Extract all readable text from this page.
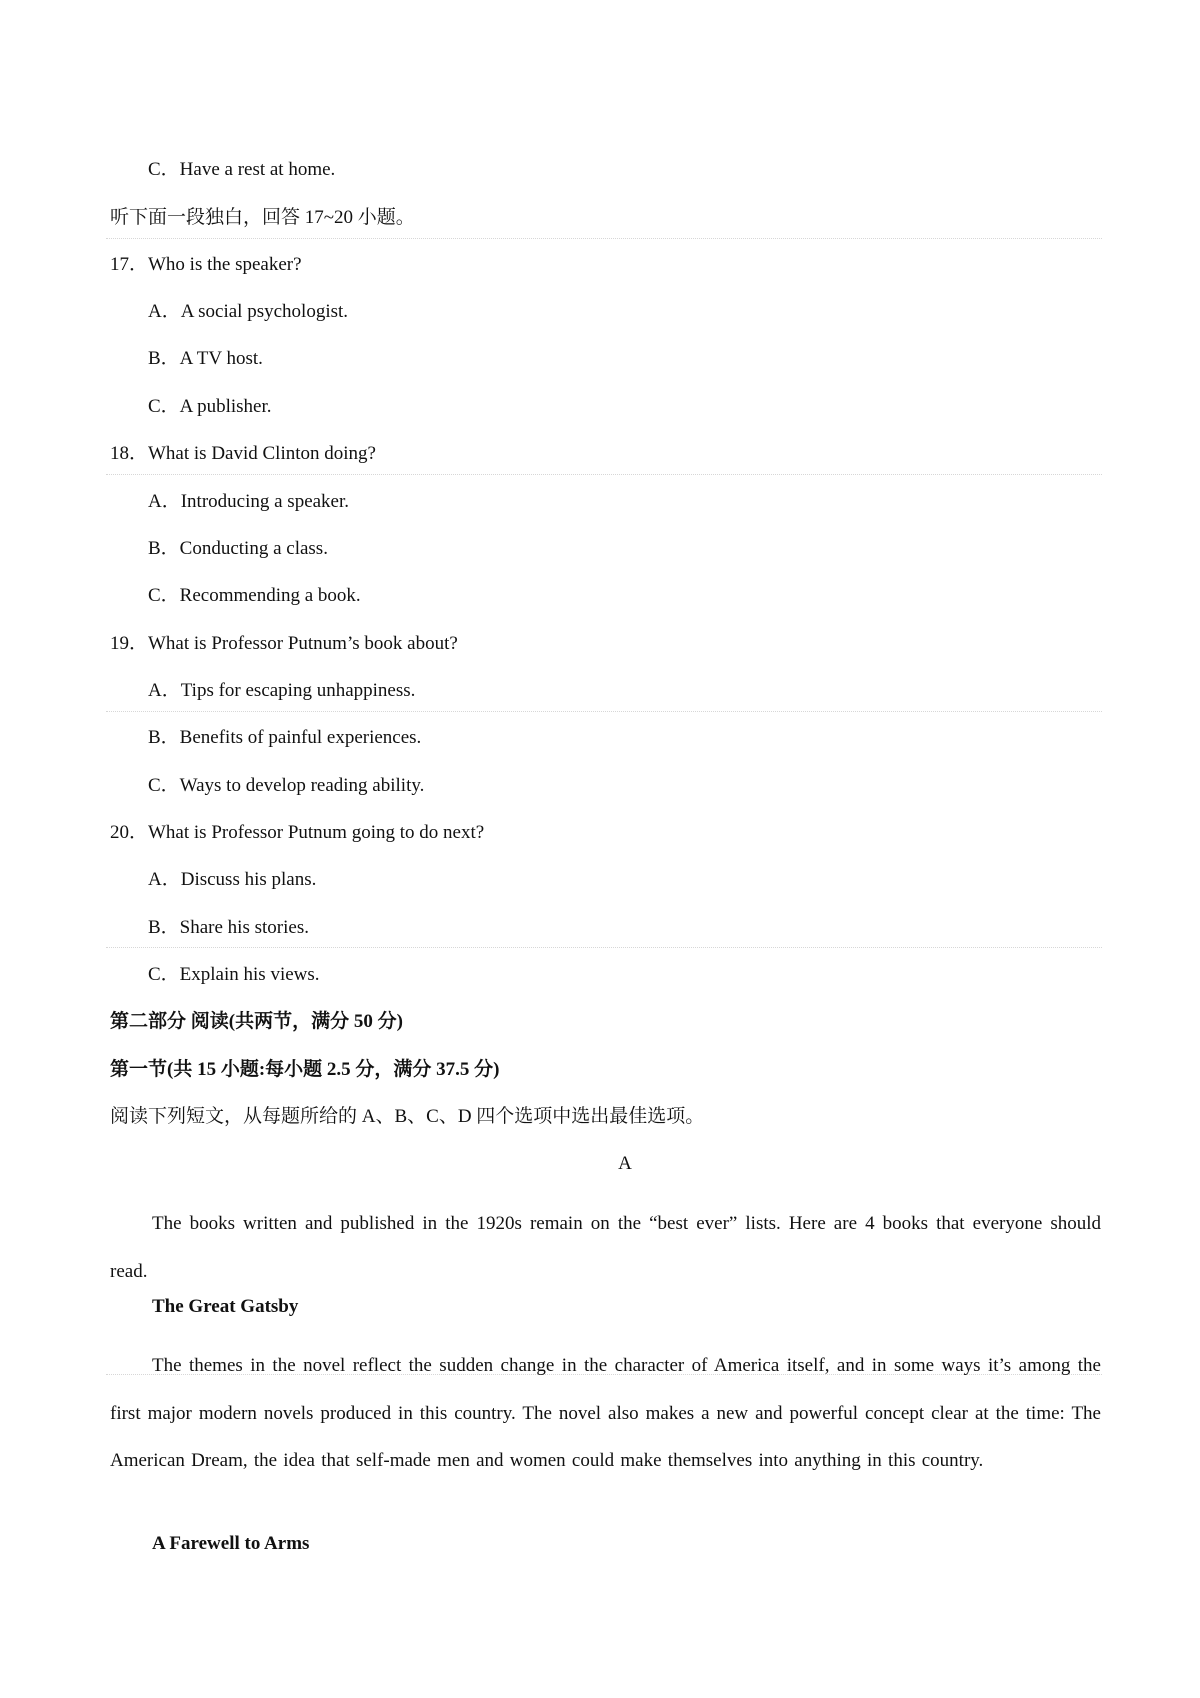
C．Have a rest at home.
听下面一段独白，回答 17~20 小题。
17．Who is the speaker?
A．A social psychologist.
B．A TV host.
C．A publisher.
18．What is David Clinton doing?
A．Introducing a speaker.
B．Conducting a class.
C．Recommending a book.
19．What is Professor Putnum’s book about?
A．Tips for escaping unhappiness.
B．Benefits of painful experiences.
C．Ways to develop reading ability.
20．What is Professor Putnum going to do next?
A．Discuss his plans.
B．Share his stories.
C．Explain his views.
第二部分 阅读(共两节，满分 50 分)
第一节(共 15 小题:每小题 2.5 分，满分 37.5 分)
阅读下列短文，从每题所给的 A、B、C、D 四个选项中选出最佳选项。
A
The books written and published in the 1920s remain on the “best ever” lists. Here are 4 books that everyone should read.
The Great Gatsby
The themes in the novel reflect the sudden change in the character of America itself, and in some ways it’s among the first major modern novels produced in this country. The novel also makes a new and powerful concept clear at the time: The American Dream, the idea that self-made men and women could make themselves into anything in this country.
A Farewell to Arms
